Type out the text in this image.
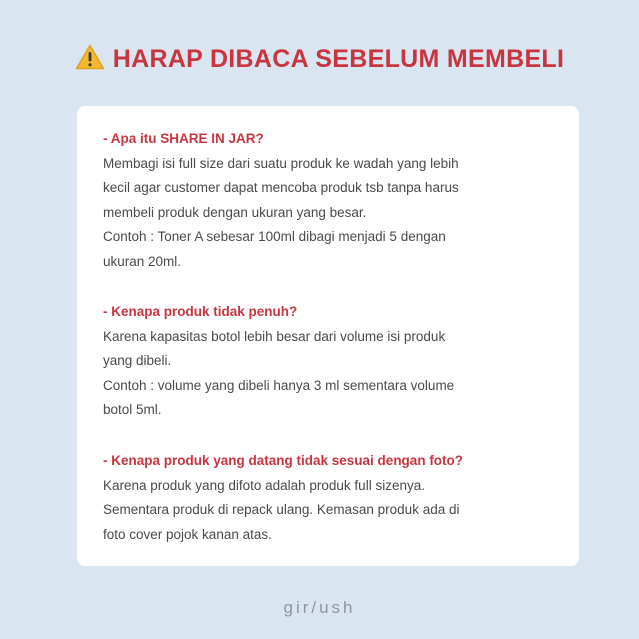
HARAP DIBACA SEBELUM MEMBELI
- Apa itu SHARE IN JAR?
Membagi isi full size dari suatu produk ke wadah yang lebih
kecil agar customer dapat mencoba produk tsb tanpa harus
membeli produk dengan ukuran yang besar.
Contoh : Toner A sebesar 100ml dibagi menjadi 5 dengan
ukuran 20ml.
- Kenapa produk tidak penuh?
Karena kapasitas botol lebih besar dari volume isi produk
yang dibeli.
Contoh : volume yang dibeli hanya 3 ml sementara volume
botol 5ml.
- Kenapa produk yang datang tidak sesuai dengan foto?
Karena produk yang difoto adalah produk full sizenya.
Sementara produk di repack ulang. Kemasan produk ada di
foto cover pojok kanan atas.
gir/ush
